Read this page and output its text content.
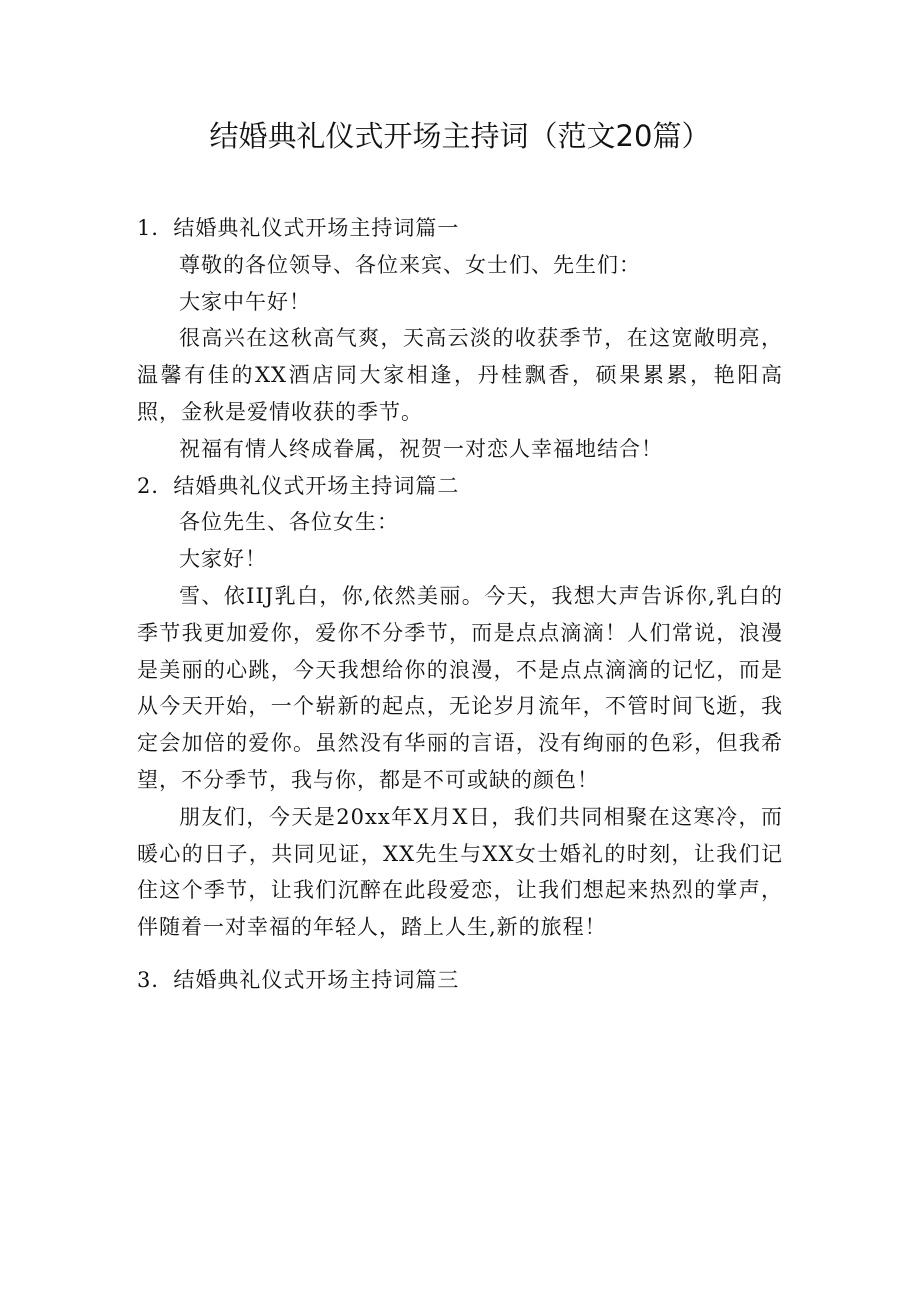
结婚典礼仪式开场主持词（范文20篇）

1．结婚典礼仪式开场主持词篇一

尊敬的各位领导、各位来宾、女士们、先生们：

大家中午好！

很高兴在这秋高气爽，天高云淡的收获季节，在这宽敞明亮，温馨有佳的XX酒店同大家相逢，丹桂飘香，硕果累累，艳阳高照，金秋是爱情收获的季节。

祝福有情人终成眷属，祝贺一对恋人幸福地结合！

2．结婚典礼仪式开场主持词篇二

各位先生、各位女生：

大家好！

雪、依IIJ乳白，你,依然美丽。今天，我想大声告诉你,乳白的季节我更加爱你，爱你不分季节，而是点点滴滴！人们常说，浪漫是美丽的心跳，今天我想给你的浪漫，不是点点滴滴的记忆，而是从今天开始，一个崭新的起点，无论岁月流年，不管时间飞逝，我定会加倍的爱你。虽然没有华丽的言语，没有绚丽的色彩，但我希望，不分季节，我与你，都是不可或缺的颜色！

朋友们，今天是20xx年X月X日，我们共同相聚在这寒冷，而暖心的日子，共同见证，XX先生与XX女士婚礼的时刻，让我们记住这个季节，让我们沉醉在此段爱恋，让我们想起来热烈的掌声，伴随着一对幸福的年轻人，踏上人生,新的旅程！

3．结婚典礼仪式开场主持词篇三
